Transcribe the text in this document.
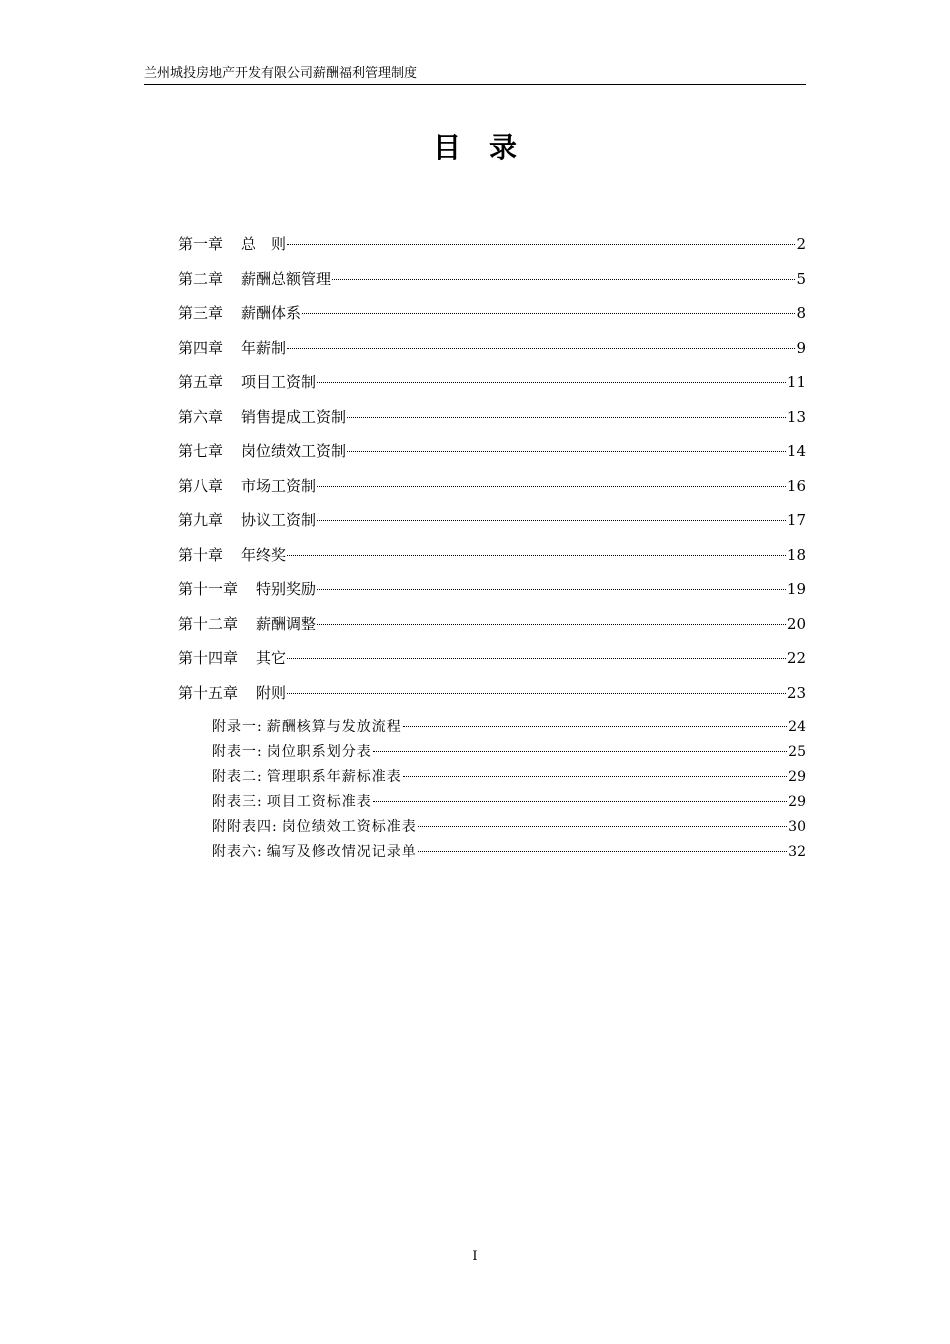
兰州城投房地产开发有限公司薪酬福利管理制度
目录
第一章	总　则	2
第二章	薪酬总额管理	5
第三章	薪酬体系	8
第四章	年薪制	9
第五章	项目工资制	11
第六章	销售提成工资制	13
第七章	岗位绩效工资制	14
第八章	市场工资制	16
第九章	协议工资制	17
第十章	年终奖	18
第十一章	特别奖励	19
第十二章	薪酬调整	20
第十四章	其它	22
第十五章	附则	23
附录一: 薪酬核算与发放流程	24
附表一: 岗位职系划分表	25
附表二: 管理职系年薪标准表	29
附表三: 项目工资标准表	29
附附表四: 岗位绩效工资标准表	30
附表六: 编写及修改情况记录单	32
I
